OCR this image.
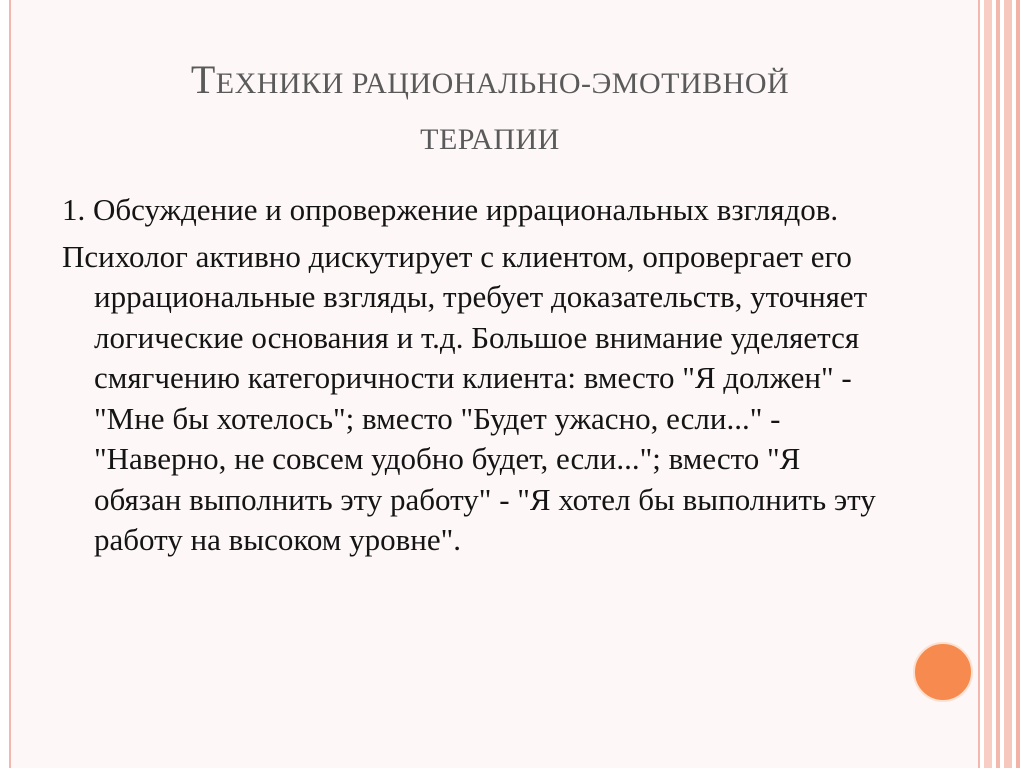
ТЕХНИКИ РАЦИОНАЛЬНО-ЭМОТИВНОЙ
ТЕРАПИИ

1. Обсуждение и опровержение иррациональных взглядов.

Психолог активно дискутирует с клиентом, опровергает его иррациональные взгляды, требует доказательств, уточняет логические основания и т.д. Большое внимание уделяется смягчению категоричности клиента: вместо "Я должен" - "Мне бы хотелось"; вместо "Будет ужасно, если..." - "Наверно, не совсем удобно будет, если..."; вместо "Я обязан выполнить эту работу" - "Я хотел бы выполнить эту работу на высоком уровне".
